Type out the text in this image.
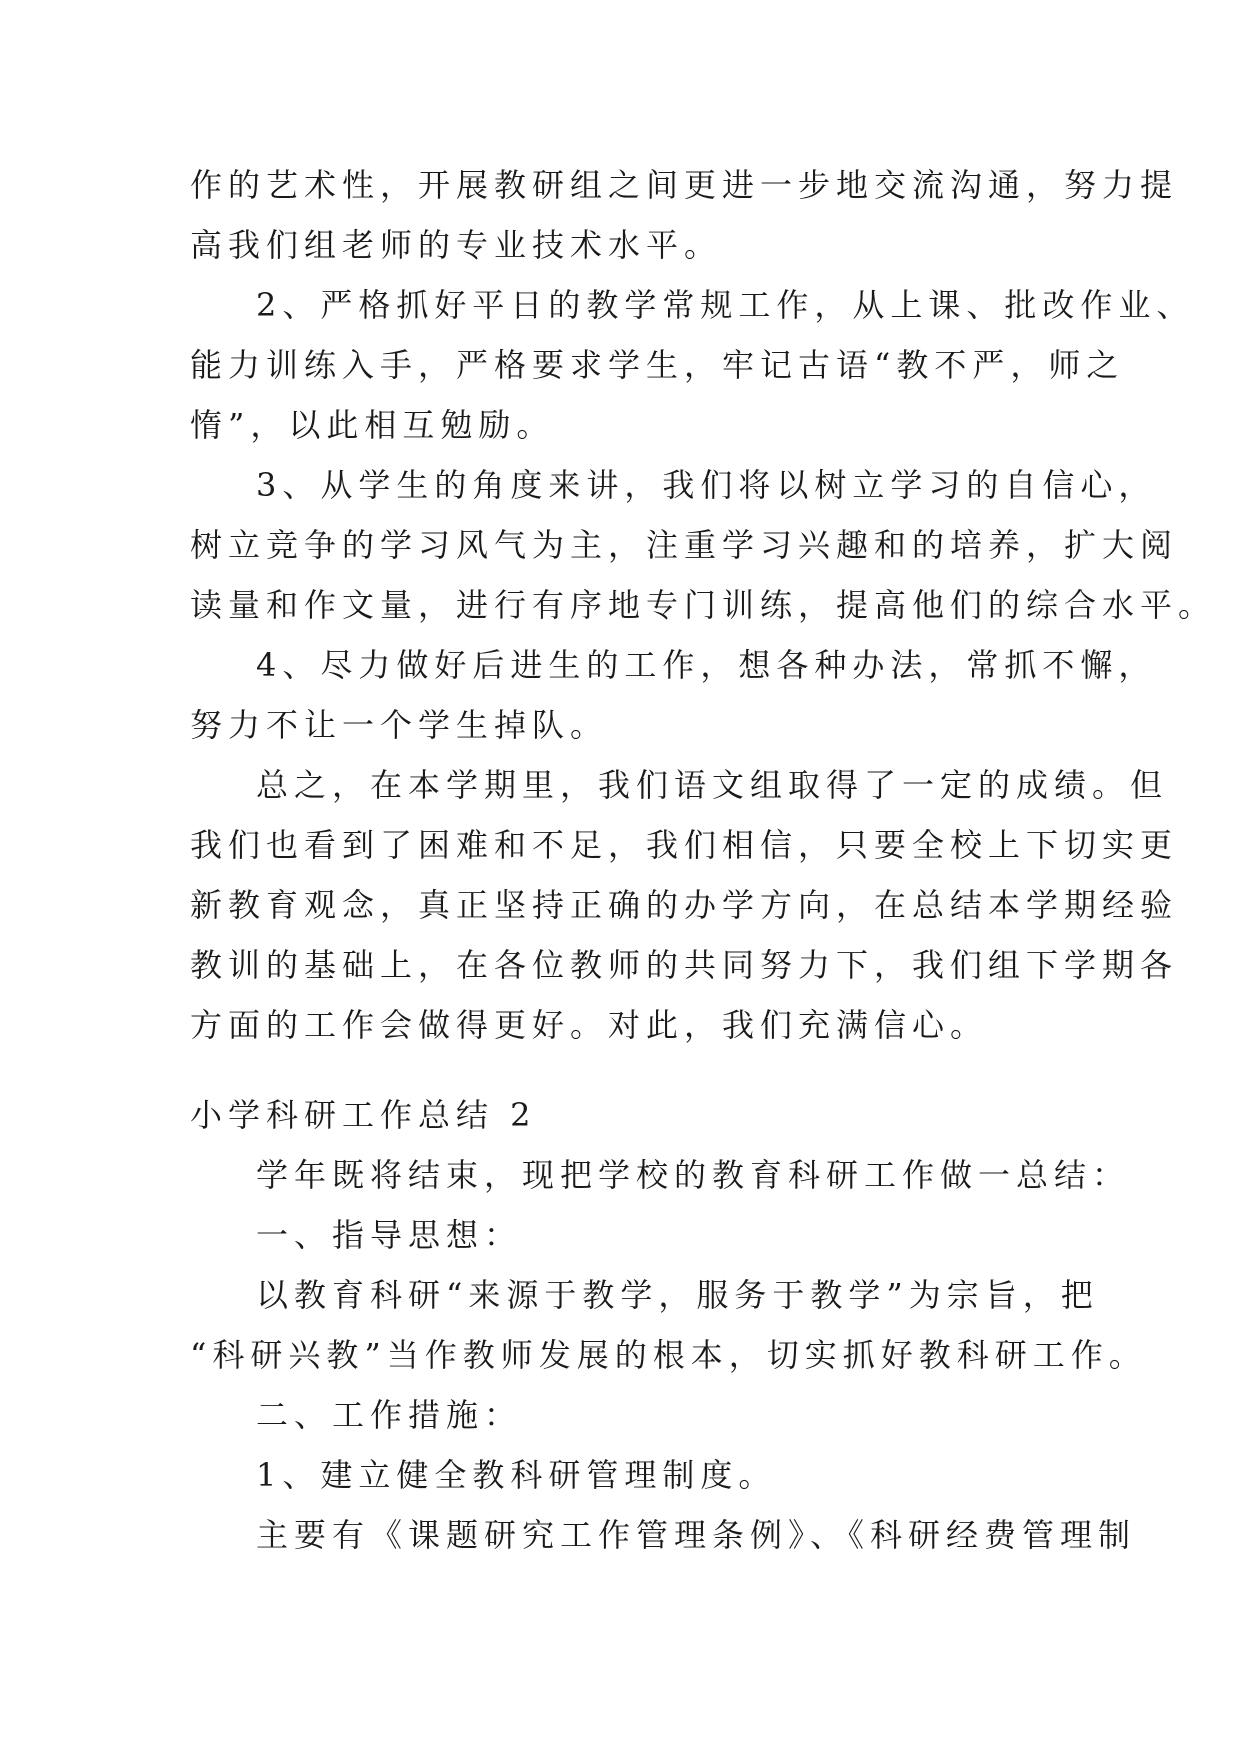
作的艺术性，开展教研组之间更进一步地交流沟通，努力提
高我们组老师的专业技术水平。
2、严格抓好平日的教学常规工作，从上课、批改作业、
能力训练入手，严格要求学生，牢记古语“教不严，师之
惰”，以此相互勉励。
3、从学生的角度来讲，我们将以树立学习的自信心，
树立竞争的学习风气为主，注重学习兴趣和的培养，扩大阅
读量和作文量，进行有序地专门训练，提高他们的综合水平。
4、尽力做好后进生的工作，想各种办法，常抓不懈，
努力不让一个学生掉队。
总之，在本学期里，我们语文组取得了一定的成绩。但
我们也看到了困难和不足，我们相信，只要全校上下切实更
新教育观念，真正坚持正确的办学方向，在总结本学期经验
教训的基础上，在各位教师的共同努力下，我们组下学期各
方面的工作会做得更好。对此，我们充满信心。
小学科研工作总结 2
学年既将结束，现把学校的教育科研工作做一总结：
一、指导思想：
以教育科研“来源于教学，服务于教学”为宗旨，把
“科研兴教”当作教师发展的根本，切实抓好教科研工作。
二、工作措施：
1、建立健全教科研管理制度。
主要有《课题研究工作管理条例》、《科研经费管理制
